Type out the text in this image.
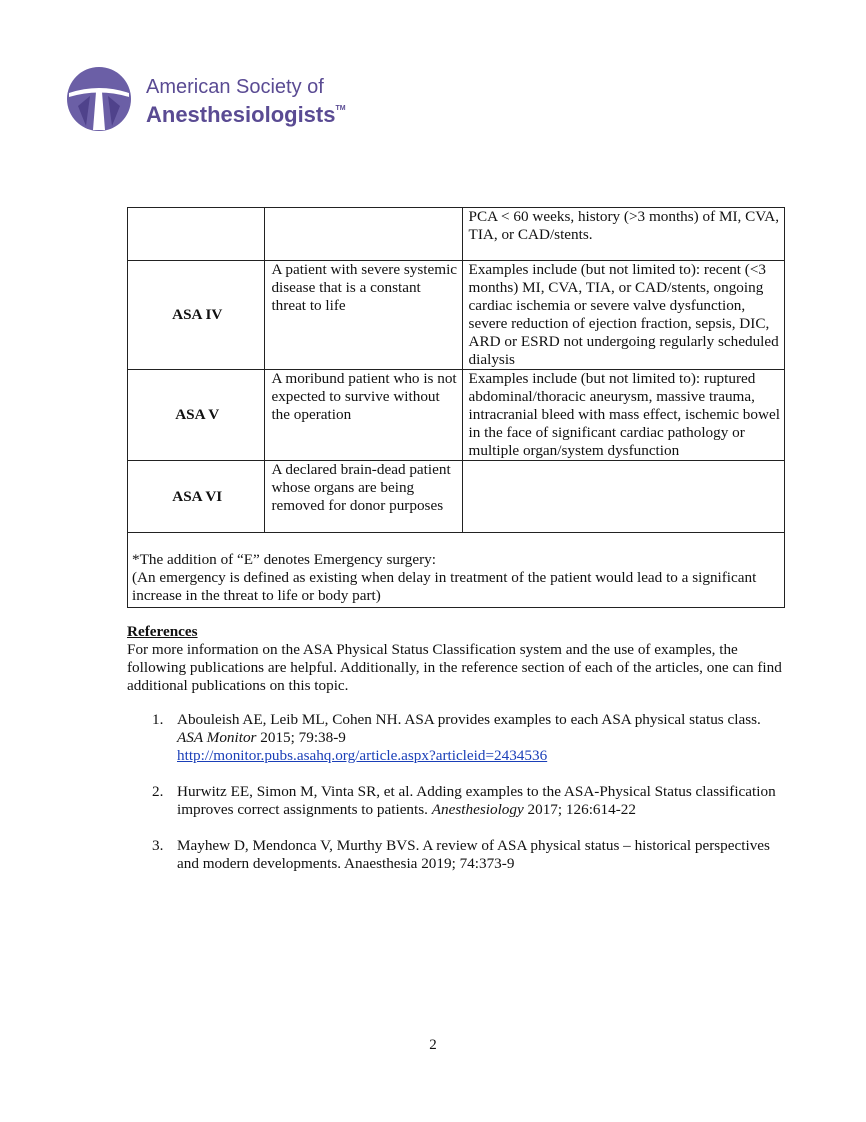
American Society of
Anesthesiologists™
		PCA < 60 weeks, history (>3 months) of MI, CVA, TIA, or CAD/stents.
ASA IV	A patient with severe systemic disease that is a constant threat to life	Examples include (but not limited to): recent (<3 months) MI, CVA, TIA, or CAD/stents, ongoing cardiac ischemia or severe valve dysfunction, severe reduction of ejection fraction, sepsis, DIC, ARD or ESRD not undergoing regularly scheduled dialysis
ASA V	A moribund patient who is not expected to survive without the operation	Examples include (but not limited to): ruptured abdominal/thoracic aneurysm, massive trauma, intracranial bleed with mass effect, ischemic bowel in the face of significant cardiac pathology or multiple organ/system dysfunction
ASA VI	A declared brain-dead patient whose organs are being removed for donor purposes	

*The addition of “E” denotes Emergency surgery:
(An emergency is defined as existing when delay in treatment of the patient would lead to a significant increase in the threat to life or body part)		
References
For more information on the ASA Physical Status Classification system and the use of examples, the following publications are helpful. Additionally, in the reference section of each of the articles, one can find additional publications on this topic.
1. Abouleish AE, Leib ML, Cohen NH. ASA provides examples to each ASA physical status class. ASA Monitor 2015; 79:38-9
http://monitor.pubs.asahq.org/article.aspx?articleid=2434536
2. Hurwitz EE, Simon M, Vinta SR, et al. Adding examples to the ASA-Physical Status classification improves correct assignments to patients. Anesthesiology 2017; 126:614-22
3. Mayhew D, Mendonca V, Murthy BVS. A review of ASA physical status – historical perspectives and modern developments. Anaesthesia 2019; 74:373-9
2
